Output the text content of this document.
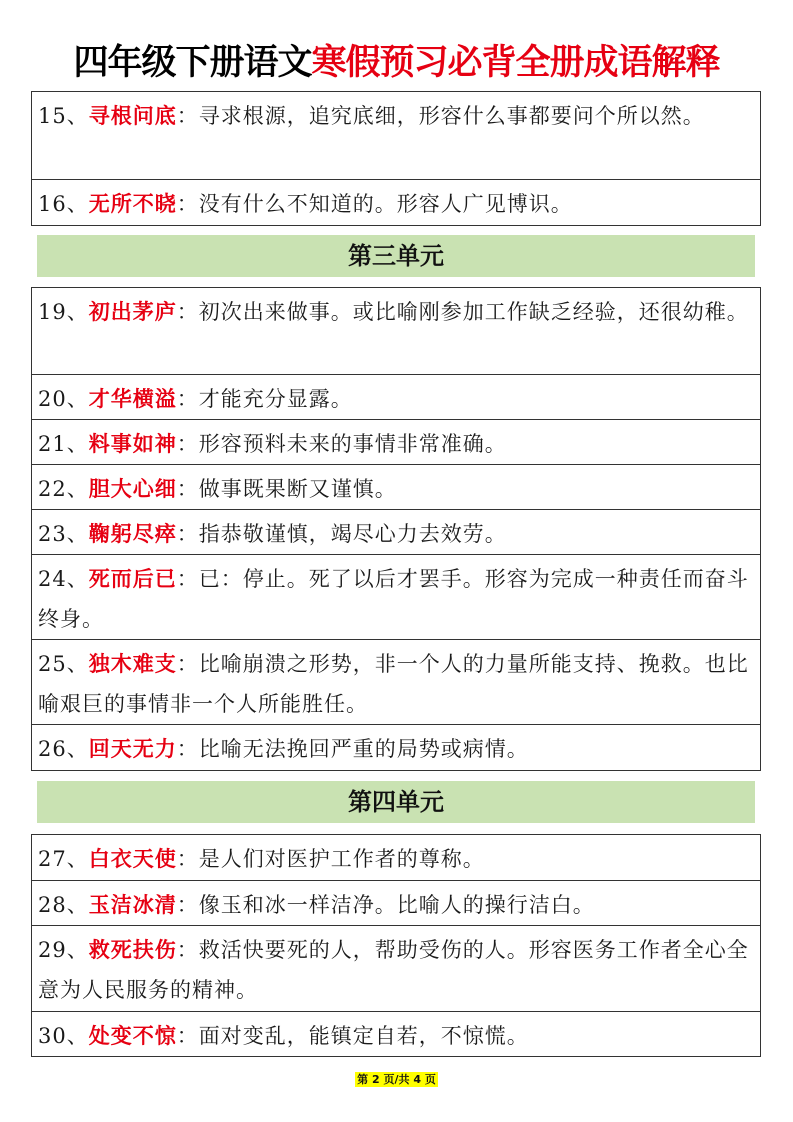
四年级下册语文寒假预习必背全册成语解释
15、寻根问底：寻求根源，追究底细，形容什么事都要问个所以然。
16、无所不晓：没有什么不知道的。形容人广见博识。
第三单元
19、初出茅庐：初次出来做事。或比喻刚参加工作缺乏经验，还很幼稚。
20、才华横溢：才能充分显露。
21、料事如神：形容预料未来的事情非常准确。
22、胆大心细：做事既果断又谨慎。
23、鞠躬尽瘁：指恭敬谨慎，竭尽心力去效劳。
24、死而后已：已：停止。死了以后才罢手。形容为完成一种责任而奋斗终身。
25、独木难支：比喻崩溃之形势，非一个人的力量所能支持、挽救。也比喻艰巨的事情非一个人所能胜任。
26、回天无力：比喻无法挽回严重的局势或病情。
第四单元
27、白衣天使：是人们对医护工作者的尊称。
28、玉洁冰清：像玉和冰一样洁净。比喻人的操行洁白。
29、救死扶伤：救活快要死的人，帮助受伤的人。形容医务工作者全心全意为人民服务的精神。
30、处变不惊：面对变乱，能镇定自若，不惊慌。
第 2 页/共 4 页
